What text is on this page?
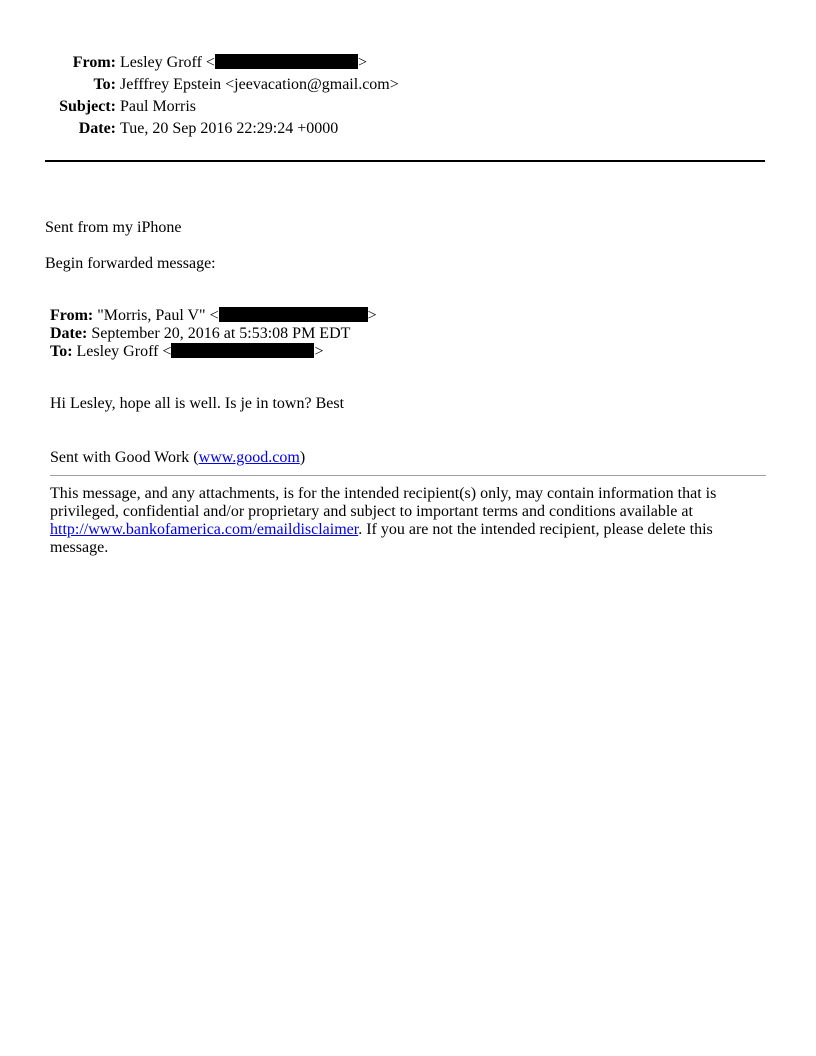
From: Lesley Groff <	>
To: Jefffrey Epstein <jeevacation@gmail.com>
Subject: Paul Morris
Date: Tue, 20 Sep 2016 22:29:24 +0000
Sent from my iPhone
Begin forwarded message:
From: "Morris, Paul V" <	>
Date: September 20, 2016 at 5:53:08 PM EDT
To: Lesley Groff <	>
Hi Lesley, hope all is well. Is je in town? Best
Sent with Good Work (www.good.com)
This message, and any attachments, is for the intended recipient(s) only, may contain information that is privileged, confidential and/or proprietary and subject to important terms and conditions available at http://www.bankofamerica.com/emaildisclaimer. If you are not the intended recipient, please delete this message.
